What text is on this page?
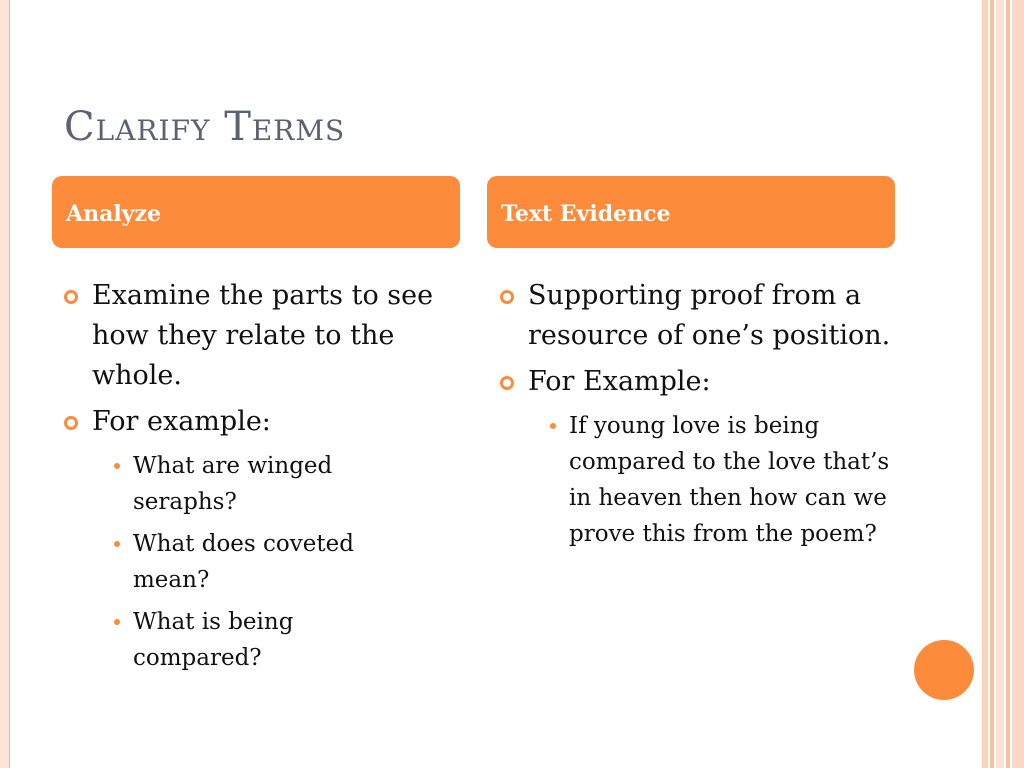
Clarify Terms
Analyze	Text Evidence
Examine the parts to see how they relate to the whole.
For example:
What are winged seraphs?
What does coveted mean?
What is being compared?
Supporting proof from a resource of one’s position.
For Example:
If young love is being compared to the love that’s in heaven then how can we prove this from the poem?
